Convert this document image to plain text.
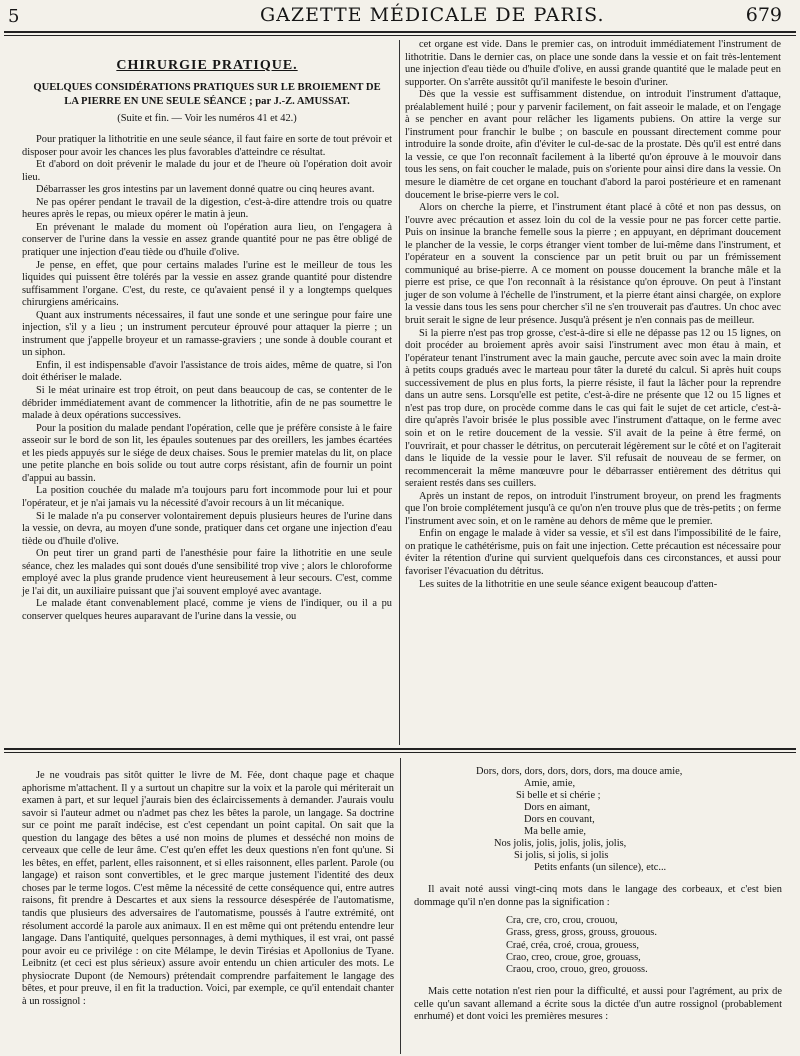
5	GAZETTE MÉDICALE DE PARIS.	679

CHIRURGIE PRATIQUE.

QUELQUES CONSIDÉRATIONS PRATIQUES SUR LE BROIEMENT DE
LA PIERRE EN UNE SEULE SÉANCE ; par J.-Z. AMUSSAT.
(Suite et fin. — Voir les numéros 41 et 42.)

Pour pratiquer la lithotritie en une seule séance, il faut faire en sorte de tout prévoir et disposer pour avoir les chances les plus favorables d'atteindre ce résultat.

Et d'abord on doit prévenir le malade du jour et de l'heure où l'opération doit avoir lieu.

Débarrasser les gros intestins par un lavement donné quatre ou cinq heures avant.

Ne pas opérer pendant le travail de la digestion, c'est-à-dire attendre trois ou quatre heures après le repas, ou mieux opérer le matin à jeun.

En prévenant le malade du moment où l'opération aura lieu, on l'engagera à conserver de l'urine dans la vessie en assez grande quantité pour ne pas être obligé de pratiquer une injection d'eau tiède ou d'huile d'olive.

Je pense, en effet, que pour certains malades l'urine est le meilleur de tous les liquides qui puissent être tolérés par la vessie en assez grande quantité pour distendre suffisamment l'organe. C'est, du reste, ce qu'avaient pensé il y a longtemps quelques chirurgiens américains.

Quant aux instruments nécessaires, il faut une sonde et une seringue pour faire une injection, s'il y a lieu ; un instrument percuteur éprouvé pour attaquer la pierre ; un instrument que j'appelle broyeur et un ramasse-graviers ; une sonde à double courant et un siphon.

Enfin, il est indispensable d'avoir l'assistance de trois aides, même de quatre, si l'on doit éthériser le malade.

Si le méat urinaire est trop étroit, on peut dans beaucoup de cas, se contenter de le débrider immédiatement avant de commencer la lithotritie, afin de ne pas soumettre le malade à deux opérations successives.

Pour la position du malade pendant l'opération, celle que je préfère consiste à le faire asseoir sur le bord de son lit, les épaules soutenues par des oreillers, les jambes écartées et les pieds appuyés sur le siége de deux chaises. Sous le premier matelas du lit, on place une petite planche en bois solide ou tout autre corps résistant, afin de fournir un point d'appui au bassin.

La position couchée du malade m'a toujours paru fort incommode pour lui et pour l'opérateur, et je n'ai jamais vu la nécessité d'avoir recours à un lit mécanique.

Si le malade n'a pu conserver volontairement depuis plusieurs heures de l'urine dans la vessie, on devra, au moyen d'une sonde, pratiquer dans cet organe une injection d'eau tiède ou d'huile d'olive.

On peut tirer un grand parti de l'anesthésie pour faire la lithotritie en une seule séance, chez les malades qui sont doués d'une sensibilité trop vive ; alors le chloroforme employé avec la plus grande prudence vient heureusement à leur secours. C'est, comme je l'ai dit, un auxiliaire puissant que j'ai souvent employé avec avantage.

Le malade étant convenablement placé, comme je viens de l'indiquer, ou il a pu conserver quelques heures auparavant de l'urine dans la vessie, ou

cet organe est vide. Dans le premier cas, on introduit immédiatement l'instrument de lithotritie. Dans le dernier cas, on place une sonde dans la vessie et on fait très-lentement une injection d'eau tiède ou d'huile d'olive, en aussi grande quantité que le malade peut en supporter. On s'arrête aussitôt qu'il manifeste le besoin d'uriner.

Dès que la vessie est suffisamment distendue, on introduit l'instrument d'attaque, préalablement huilé ; pour y parvenir facilement, on fait asseoir le malade, et on l'engage à se pencher en avant pour relâcher les ligaments pubiens. On attire la verge sur l'instrument pour franchir le bulbe ; on bascule en poussant directement comme pour introduire la sonde droite, afin d'éviter le cul-de-sac de la prostate. Dès qu'il est entré dans la vessie, ce que l'on reconnaît facilement à la liberté qu'on éprouve à le mouvoir dans tous les sens, on fait coucher le malade, puis on s'oriente pour ainsi dire dans la vessie. On mesure le diamètre de cet organe en touchant d'abord la paroi postérieure et en ramenant doucement le brise-pierre vers le col.

Alors on cherche la pierre, et l'instrument étant placé à côté et non pas dessus, on l'ouvre avec précaution et assez loin du col de la vessie pour ne pas forcer cette partie. Puis on insinue la branche femelle sous la pierre ; en appuyant, en déprimant doucement le plancher de la vessie, le corps étranger vient tomber de lui-même dans l'instrument, et l'opérateur en a souvent la conscience par un petit bruit ou par un frémissement communiqué au brise-pierre. A ce moment on pousse doucement la branche mâle et la pierre est prise, ce que l'on reconnaît à la résistance qu'on éprouve. On peut à l'instant juger de son volume à l'échelle de l'instrument, et la pierre étant ainsi chargée, on explore la vessie dans tous les sens pour chercher s'il ne s'en trouverait pas d'autres. Un choc avec bruit serait le signe de leur présence. Jusqu'à présent je n'en connais pas de meilleur.

Si la pierre n'est pas trop grosse, c'est-à-dire si elle ne dépasse pas 12 ou 15 lignes, on doit procéder au broiement après avoir saisi l'instrument avec mon étau à main, et l'opérateur tenant l'instrument avec la main gauche, percute avec soin avec la main droite à petits coups gradués avec le marteau pour tâter la dureté du calcul. Si après huit coups successivement de plus en plus forts, la pierre résiste, il faut la lâcher pour la reprendre dans un autre sens. Lorsqu'elle est petite, c'est-à-dire ne présente que 12 ou 15 lignes et n'est pas trop dure, on procède comme dans le cas qui fait le sujet de cet article, c'est-à-dire qu'après l'avoir brisée le plus possible avec l'instrument d'attaque, on le ferme avec soin et on le retire doucement de la vessie. S'il avait de la peine à être fermé, on l'ouvrirait, et pour chasser le détritus, on percuterait légèrement sur le côté et on l'agiterait dans le liquide de la vessie pour le laver. S'il refusait de nouveau de se fermer, on recommencerait la même manœuvre pour le débarrasser entièrement des détritus qui seraient restés dans ses cuillers.

Après un instant de repos, on introduit l'instrument broyeur, on prend les fragments que l'on broie complétement jusqu'à ce qu'on n'en trouve plus que de très-petits ; on ferme l'instrument avec soin, et on le ramène au dehors de même que le premier.

Enfin on engage le malade à vider sa vessie, et s'il est dans l'impossibilité de le faire, on pratique le cathétérisme, puis on fait une injection. Cette précaution est nécessaire pour éviter la rétention d'urine qui survient quelquefois dans ces circonstances, et aussi pour favoriser l'évacuation du détritus.

Les suites de la lithotritie en une seule séance exigent beaucoup d'atten-

Je ne voudrais pas sitôt quitter le livre de M. Fée, dont chaque page et chaque aphorisme m'attachent. Il y a surtout un chapitre sur la voix et la parole qui mériterait un examen à part, et sur lequel j'aurais bien des éclaircissements à demander. J'aurais voulu savoir si l'auteur admet ou n'admet pas chez les bêtes la parole, un langage. Sa doctrine sur ce point me paraît indécise, est c'est cependant un point capital. On sait que la question du langage des bêtes a usé non moins de plumes et desséché non moins de cerveaux que celle de leur âme. C'est qu'en effet les deux questions n'en font qu'une. Si les bêtes, en effet, parlent, elles raisonnent, et si elles raisonnent, elles parlent. Parole (ou langage) et raison sont convertibles, et le grec marque justement l'identité des deux choses par le terme logos. C'est même la nécessité de cette conséquence qui, entre autres raisons, fit prendre à Descartes et aux siens la ressource désespérée de l'automatisme, tandis que plusieurs des adversaires de l'automatisme, poussés à l'autre extrémité, ont résolument accordé la parole aux animaux. Il en est même qui ont prétendu entendre leur langage. Dans l'antiquité, quelques personnages, à demi mythiques, il est vrai, ont passé pour avoir eu ce privilége : on cite Mélampe, le devin Tirésias et Apollonius de Tyane. Leibnitz (et ceci est plus sérieux) assure avoir entendu un chien articuler des mots. Le physiocrate Dupont (de Nemours) prétendait comprendre parfaitement le langage des bêtes, et pour preuve, il en fit la traduction. Voici, par exemple, ce qu'il entendait chanter à un rossignol :

Dors, dors, dors, dors, dors, dors, ma douce amie,
Amie, amie,
Si belle et si chérie ;
Dors en aimant,
Dors en couvant,
Ma belle amie,
Nos jolis, jolis, jolis, jolis, jolis,
Si jolis, si jolis, si jolis
Petits enfants (un silence), etc...

Il avait noté aussi vingt-cinq mots dans le langage des corbeaux, et c'est bien dommage qu'il n'en donne pas la signification :

Cra, cre, cro, crou, crouou,
Grass, gress, gross, grouss, grouous.
Craé, créa, croé, croua, grouess,
Crao, creo, croue, groe, grouass,
Craou, croo, crouo, greo, grouoss.

Mais cette notation n'est rien pour la difficulté, et aussi pour l'agrément, au prix de celle qu'un savant allemand a écrite sous la dictée d'un autre rossignol (probablement enrhumé) et dont voici les premières mesures :
